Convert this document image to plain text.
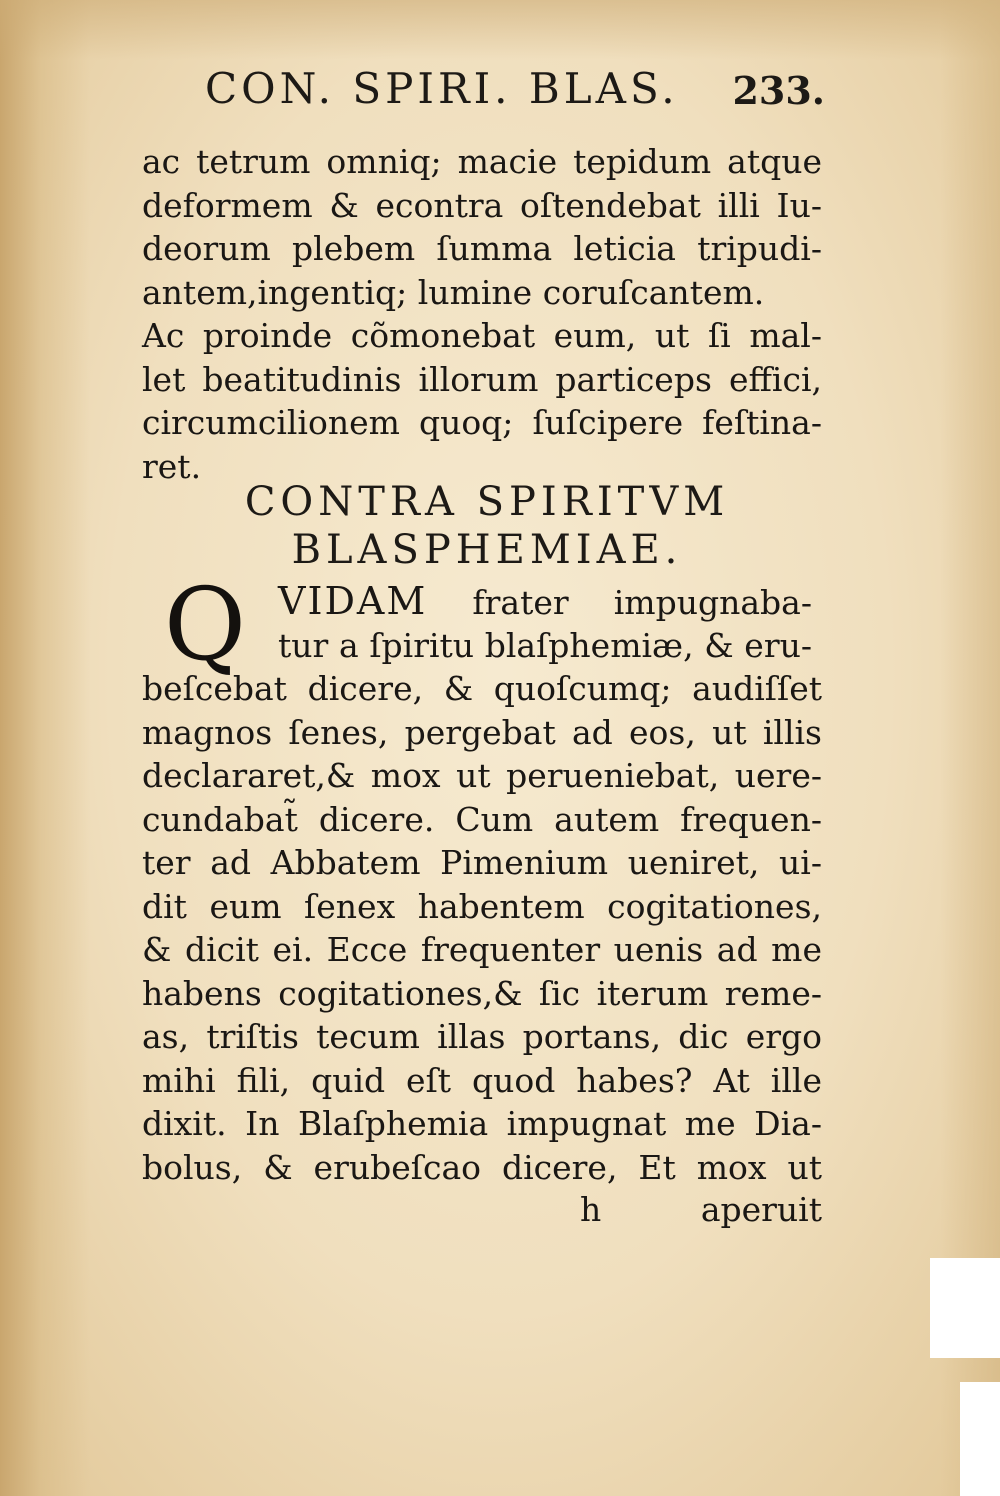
CON. SPIRI. BLAS. 233.
ac tetrum omniq; macie tepidum atque
deformem & econtra oſtendebat illi Iu-
deorum plebem ſumma leticia tripudi-
antem,ingentiq; lumine coruſcantem.
Ac proinde cõmonebat eum, ut ſi mal-
let beatitudinis illorum particeps effici,
circumcilionem quoq; ſuſcipere feſtina-
ret.
CONTRA SPIRITVM
BLASPHEMIAE.
Q VIDAM frater impugnaba-
tur a ſpiritu blaſphemiæ, & eru-
beſcebat dicere, & quoſcumq; audiſſet
magnos ſenes, pergebat ad eos, ut illis
declararet,& mox ut perueniebat, uere-
cundabat̃ dicere. Cum autem frequen-
ter ad Abbatem Pimenium ueniret, ui-
dit eum ſenex habentem cogitationes,
& dicit ei. Ecce frequenter uenis ad me
habens cogitationes,& ſic iterum reme-
as, triſtis tecum illas portans, dic ergo
mihi fili, quid eſt quod habes? At ille
dixit. In Blaſphemia impugnat me Dia-
bolus, & erubeſcao dicere, Et mox ut
h	aperuit
